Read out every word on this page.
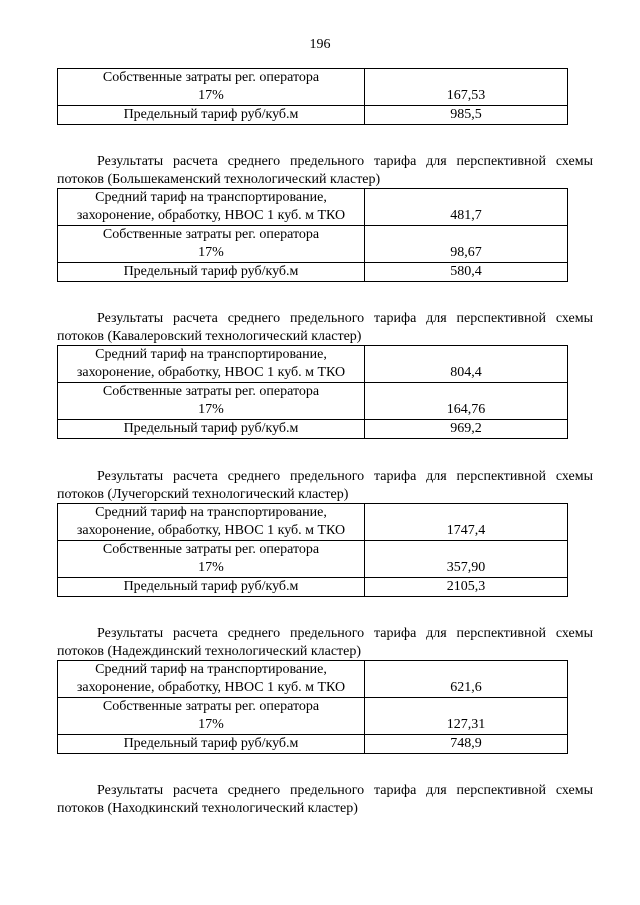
196
Собственные затраты рег. оператора
17%	167,53

Предельный тариф руб/куб.м	985,5
Результаты расчета среднего предельного тарифа для перспективной схемы потоков (Большекаменский технологический кластер)
Средний тариф на транспортирование,
захоронение, обработку, НВОС 1 куб. м ТКО	481,7

Собственные затраты рег. оператора
17%	98,67

Предельный тариф руб/куб.м	580,4
Результаты расчета среднего предельного тарифа для перспективной схемы потоков (Кавалеровский технологический кластер)
Средний тариф на транспортирование,
захоронение, обработку, НВОС 1 куб. м ТКО	804,4

Собственные затраты рег. оператора
17%	164,76

Предельный тариф руб/куб.м	969,2
Результаты расчета среднего предельного тарифа для перспективной схемы потоков (Лучегорский технологический кластер)
Средний тариф на транспортирование,
захоронение, обработку, НВОС 1 куб. м ТКО	1747,4

Собственные затраты рег. оператора
17%	357,90

Предельный тариф руб/куб.м	2105,3
Результаты расчета среднего предельного тарифа для перспективной схемы потоков (Надеждинский технологический кластер)
Средний тариф на транспортирование,
захоронение, обработку, НВОС 1 куб. м ТКО	621,6

Собственные затраты рег. оператора
17%	127,31

Предельный тариф руб/куб.м	748,9
Результаты расчета среднего предельного тарифа для перспективной схемы потоков (Находкинский технологический кластер)
